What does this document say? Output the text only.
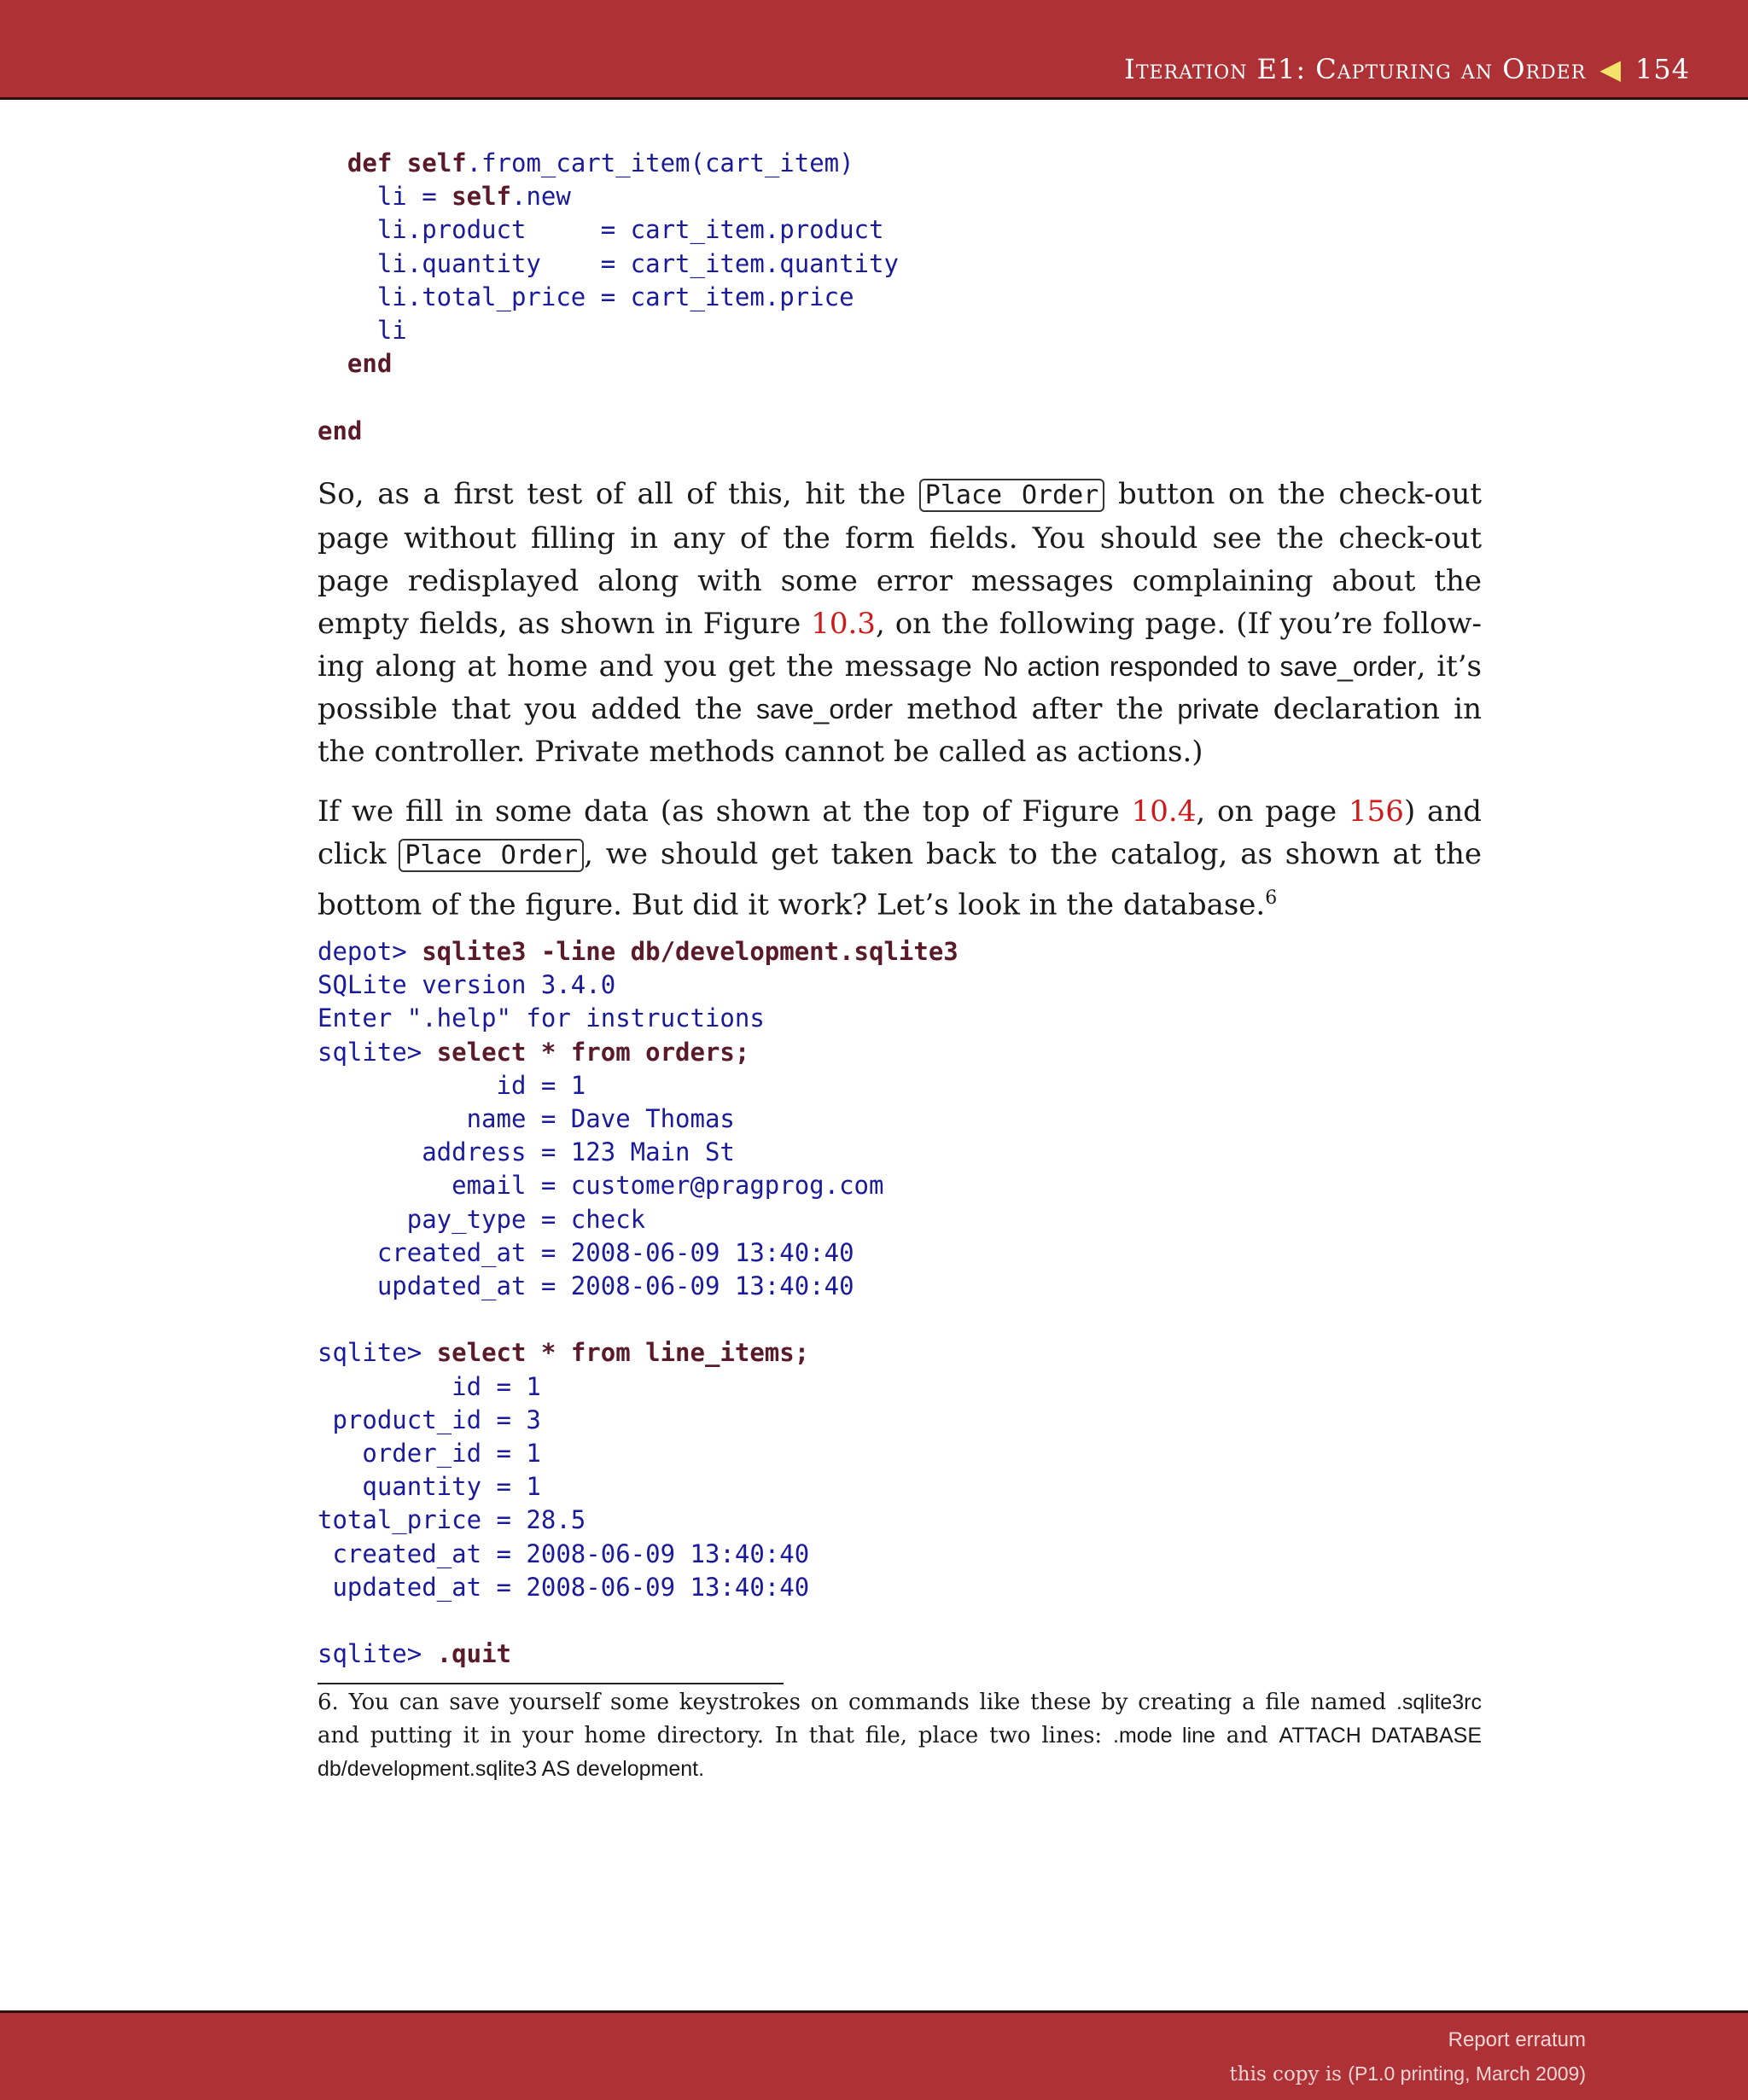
Iteration E1: Capturing an Order ◀ 154
def self.from_cart_item(cart_item)
li = self.new
li.product     = cart_item.product
li.quantity    = cart_item.quantity
li.total_price = cart_item.price
li
end

end
So, as a first test of all of this, hit the Place Order button on the check-out page without filling in any of the form fields. You should see the check-out page redisplayed along with some error messages complaining about the empty fields, as shown in Figure 10.3, on the following page. (If you’re follow-ing along at home and you get the message No action responded to save_order, it’s possible that you added the save_order method after the private declaration in the controller. Private methods cannot be called as actions.)
If we fill in some data (as shown at the top of Figure 10.4, on page 156) and click Place Order , we should get taken back to the catalog, as shown at the bottom of the figure. But did it work? Let’s look in the database.$^6$
depot> sqlite3 -line db/development.sqlite3
SQLite version 3.4.0
Enter ".help" for instructions
sqlite> select * from orders;
id = 1
name = Dave Thomas
address = 123 Main St
email = customer@pragprog.com
pay_type = check
created_at = 2008-06-09 13:40:40
updated_at = 2008-06-09 13:40:40

sqlite> select * from line_items;
id = 1
product_id = 3
order_id = 1
quantity = 1
total_price = 28.5
created_at = 2008-06-09 13:40:40
updated_at = 2008-06-09 13:40:40

sqlite> .quit
6. You can save yourself some keystrokes on commands like these by creating a file named .sqlite3rc and putting it in your home directory. In that file, place two lines: .mode line and ATTACH DATABASE db/development.sqlite3 AS development.
Report erratum
this copy is (P1.0 printing, March 2009)
